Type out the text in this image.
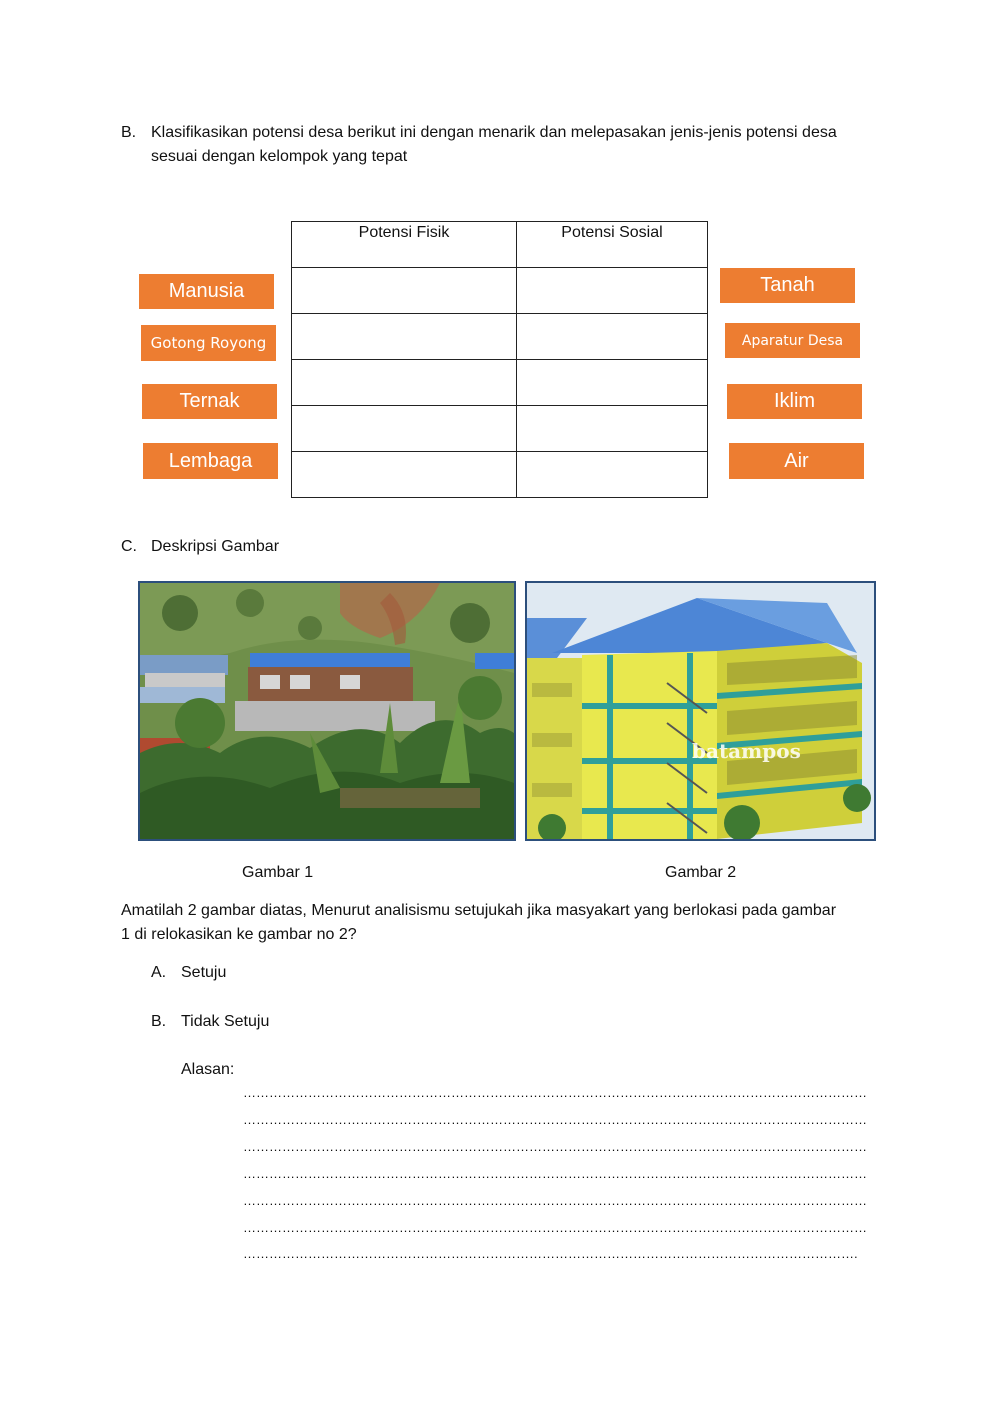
B. Klasifikasikan potensi desa berikut ini dengan menarik dan melepasakan jenis-jenis potensi desa sesuai dengan kelompok yang tepat
Potensi Fisik	Potensi Sosial

Manusia
Gotong Royong
Ternak
Lembaga
Tanah
Aparatur Desa
Iklim
Air
C. Deskripsi Gambar
batampos
Gambar 1	Gambar 2
Amatilah 2 gambar diatas, Menurut analisismu setujukah jika masyakart yang berlokasi pada gambar 1 di relokasikan ke gambar no 2?
A. Setuju
B. Tidak Setuju
Alasan:
………………………………………………………………………………………………………………………………
………………………………………………………………………………………………………………………………
………………………………………………………………………………………………………………………………
………………………………………………………………………………………………………………………………
………………………………………………………………………………………………………………………………
………………………………………………………………………………………………………………………………
…………………………………………………………………………………………………………………………….
